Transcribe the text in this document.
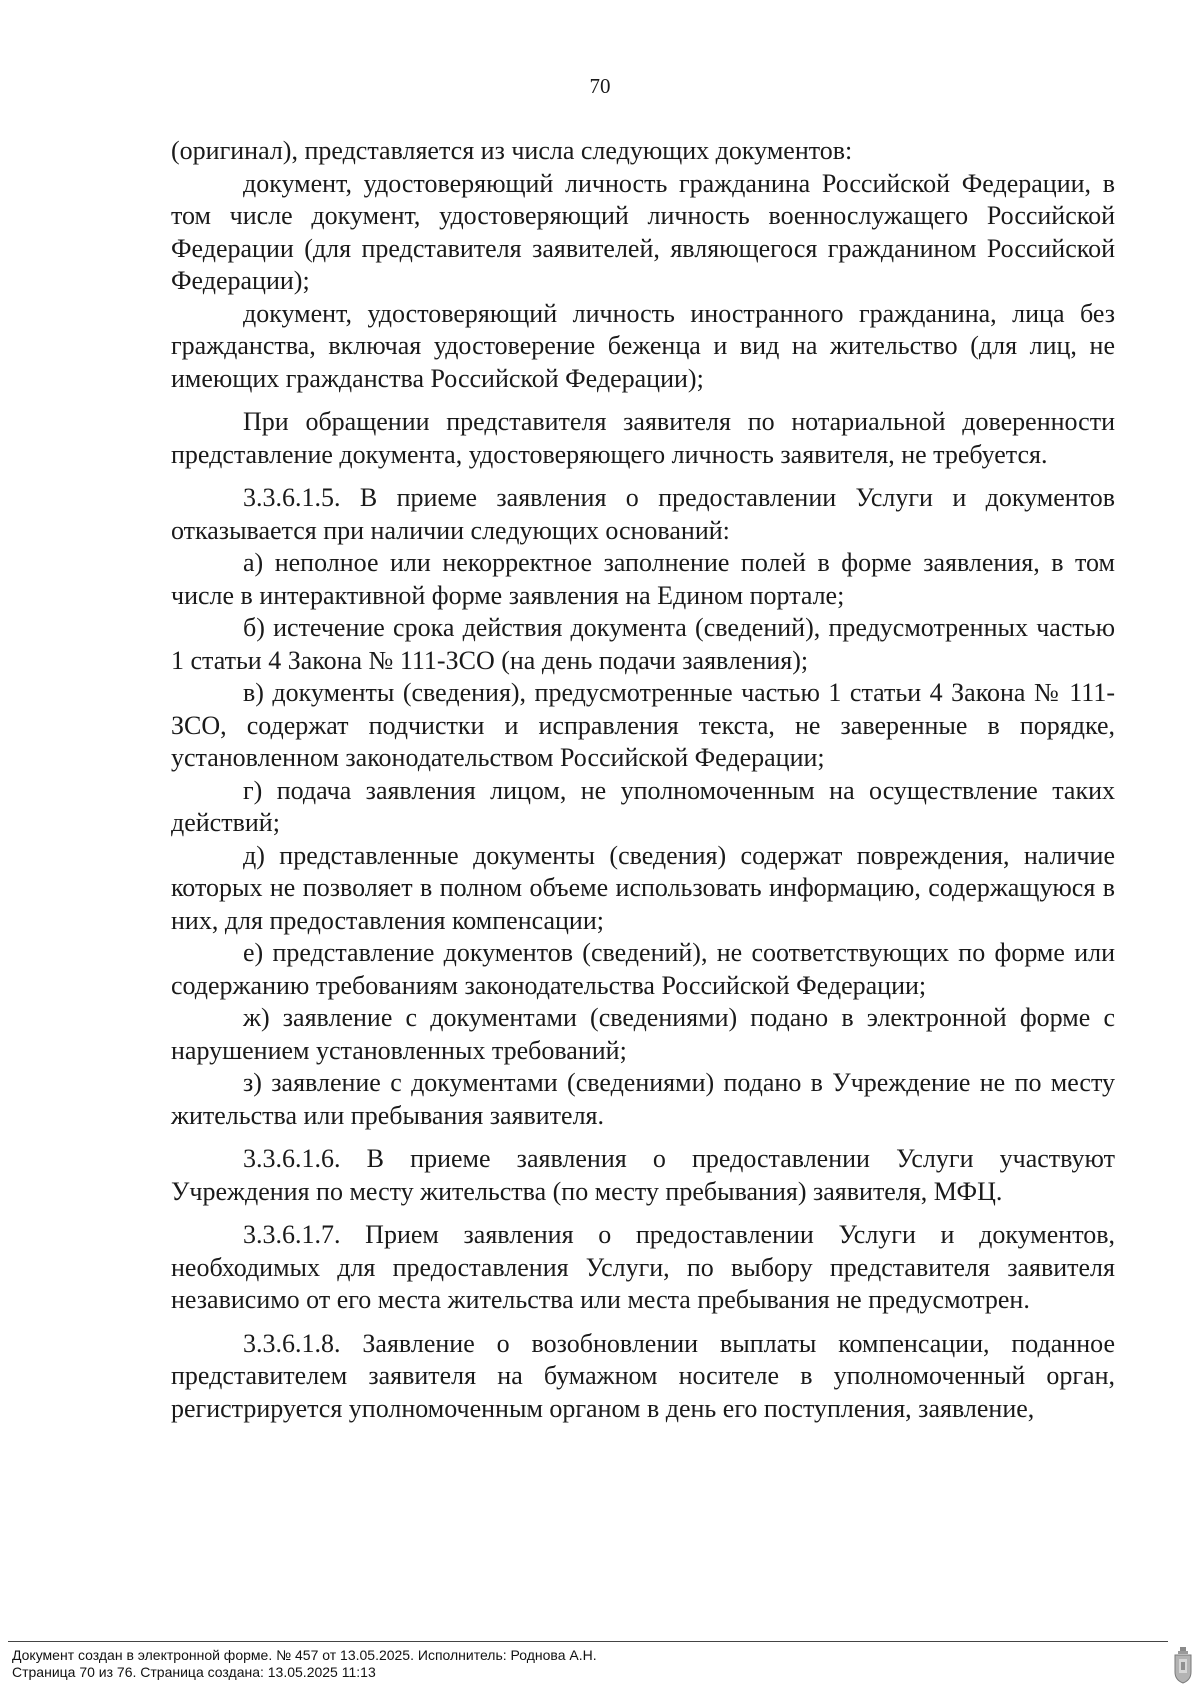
70

(оригинал), представляется из числа следующих документов:

документ, удостоверяющий личность гражданина Российской Федерации, в том числе документ, удостоверяющий личность военнослужащего Российской Федерации (для представителя заявителей, являющегося гражданином Российской Федерации);

документ, удостоверяющий личность иностранного гражданина, лица без гражданства, включая удостоверение беженца и вид на жительство (для лиц, не имеющих гражданства Российской Федерации);

При обращении представителя заявителя по нотариальной доверенности представление документа, удостоверяющего личность заявителя, не требуется.

3.3.6.1.5. В приеме заявления о предоставлении Услуги и документов отказывается при наличии следующих оснований:

а) неполное или некорректное заполнение полей в форме заявления, в том числе в интерактивной форме заявления на Едином портале;

б) истечение срока действия документа (сведений), предусмотренных частью 1 статьи 4 Закона № 111-ЗСО (на день подачи заявления);

в) документы (сведения), предусмотренные частью 1 статьи 4 Закона № 111-ЗСО, содержат подчистки и исправления текста, не заверенные в порядке, установленном законодательством Российской Федерации;

г) подача заявления лицом, не уполномоченным на осуществление таких действий;

д) представленные документы (сведения) содержат повреждения, наличие которых не позволяет в полном объеме использовать информацию, содержащуюся в них, для предоставления компенсации;

е) представление документов (сведений), не соответствующих по форме или содержанию требованиям законодательства Российской Федерации;

ж) заявление с документами (сведениями) подано в электронной форме с нарушением установленных требований;

з) заявление с документами (сведениями) подано в Учреждение не по месту жительства или пребывания заявителя.

3.3.6.1.6. В приеме заявления о предоставлении Услуги участвуют Учреждения по месту жительства (по месту пребывания) заявителя, МФЦ.

3.3.6.1.7. Прием заявления о предоставлении Услуги и документов, необходимых для предоставления Услуги, по выбору представителя заявителя независимо от его места жительства или места пребывания не предусмотрен.

3.3.6.1.8. Заявление о возобновлении выплаты компенсации, поданное представителем заявителя на бумажном носителе в уполномоченный орган, регистрируется уполномоченным органом в день его поступления, заявление,

Документ создан в электронной форме. № 457 от 13.05.2025. Исполнитель: Роднова А.Н.
Страница 70 из 76. Страница создана: 13.05.2025 11:13
